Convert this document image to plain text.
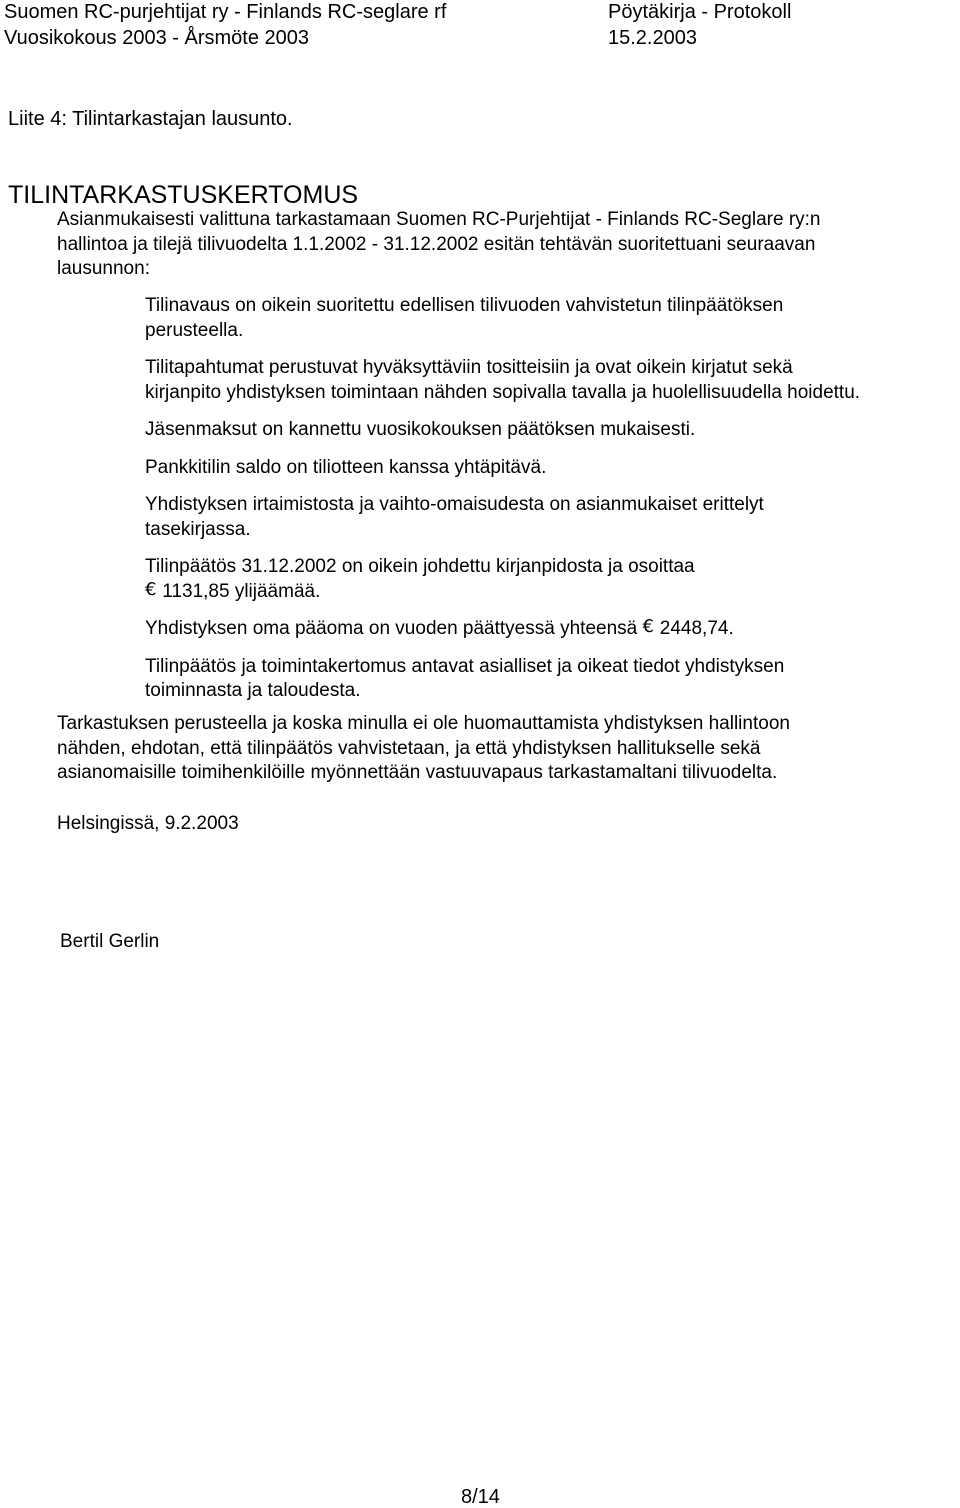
Suomen RC-purjehtijat ry - Finlands RC-seglare rf
Vuosikokous 2003 - Årsmöte 2003
Pöytäkirja - Protokoll
15.2.2003
Liite 4: Tilintarkastajan lausunto.
TILINTARKASTUSKERTOMUS

Asianmukaisesti valittuna tarkastamaan Suomen RC-Purjehtijat - Finlands RC-Seglare ry:n
hallintoa ja tilejä tilivuodelta 1.1.2002 - 31.12.2002 esitän tehtävän suoritettuani seuraavan
lausunnon:

Tilinavaus on oikein suoritettu edellisen tilivuoden vahvistetun tilinpäätöksen
perusteella.
Tilitapahtumat perustuvat hyväksyttäviin tositteisiin ja ovat oikein kirjatut sekä
kirjanpito yhdistyksen toimintaan nähden sopivalla tavalla ja huolellisuudella hoidettu.
Jäsenmaksut on kannettu vuosikokouksen päätöksen mukaisesti.
Pankkitilin saldo on tiliotteen kanssa yhtäpitävä.
Yhdistyksen irtaimistosta ja vaihto-omaisudesta on asianmukaiset erittelyt
tasekirjassa.
Tilinpäätös 31.12.2002 on oikein johdettu kirjanpidosta ja osoittaa
€ 1131,85 ylijäämää.
Yhdistyksen oma pääoma on vuoden päättyessä yhteensä € 2448,74.
Tilinpäätös ja toimintakertomus antavat asialliset ja oikeat tiedot yhdistyksen
toiminnasta ja taloudesta.

Tarkastuksen perusteella ja koska minulla ei ole huomauttamista yhdistyksen hallintoon
nähden, ehdotan, että tilinpäätös vahvistetaan, ja että yhdistyksen hallitukselle sekä
asianomaisille toimihenkilöille myönnettään vastuuvapaus tarkastamaltani tilivuodelta.

Helsingissä, 9.2.2003
Bertil Gerlin
8/14
